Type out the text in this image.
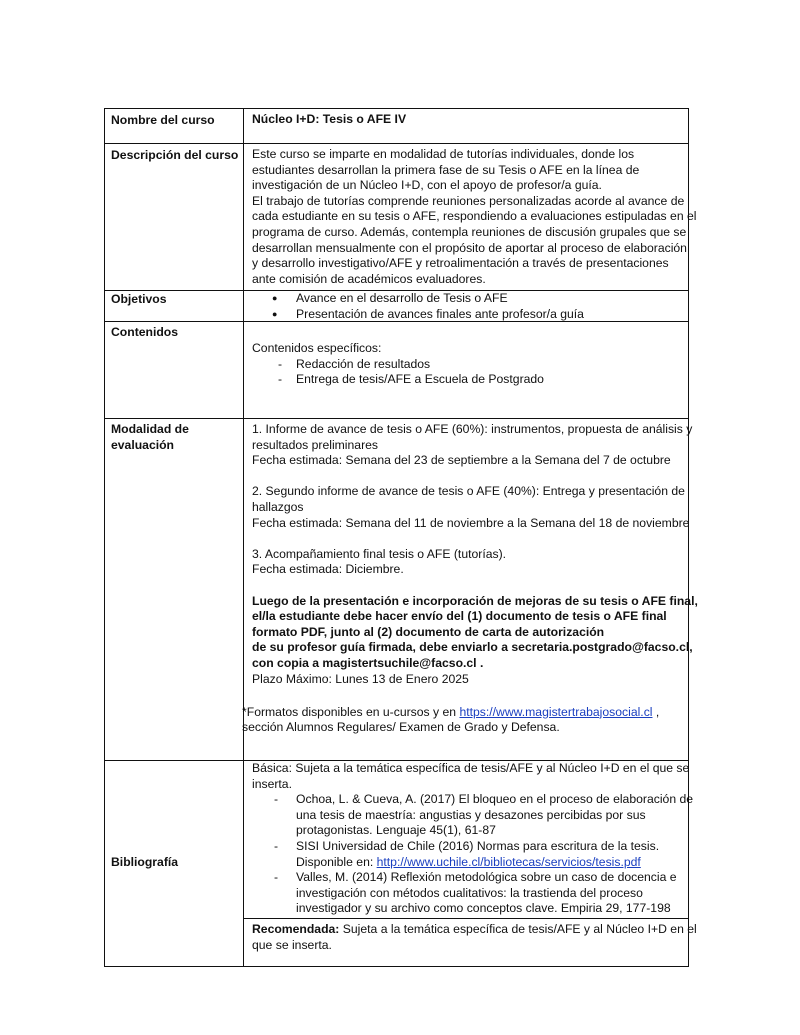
Nombre del curso	Núcleo I+D: Tesis o AFE IV
Descripción del curso Este curso se imparte en modalidad de tutorías individuales, donde los
estudiantes desarrollan la primera fase de su Tesis o AFE en la línea de
investigación de un Núcleo I+D, con el apoyo de profesor/a guía.
El trabajo de tutorías comprende reuniones personalizadas acorde al avance de
cada estudiante en su tesis o AFE, respondiendo a evaluaciones estipuladas en el
programa de curso. Además, contempla reuniones de discusión grupales que se
desarrollan mensualmente con el propósito de aportar al proceso de elaboración
y desarrollo investigativo/AFE y retroalimentación a través de presentaciones
ante comisión de académicos evaluadores.
Objetivos	● Avance en el desarrollo de Tesis o AFE
● Presentación de avances finales ante profesor/a guía
Contenidos
Contenidos específicos:
- Redacción de resultados
- Entrega de tesis/AFE a Escuela de Postgrado
Modalidad de
evaluación
1. Informe de avance de tesis o AFE (60%): instrumentos, propuesta de análisis y
resultados preliminares
Fecha estimada: Semana del 23 de septiembre a la Semana del 7 de octubre
2. Segundo informe de avance de tesis o AFE (40%): Entrega y presentación de
hallazgos
Fecha estimada: Semana del 11 de noviembre a la Semana del 18 de noviembre
3. Acompañamiento final tesis o AFE (tutorías).
Fecha estimada: Diciembre.
Luego de la presentación e incorporación de mejoras de su tesis o AFE final,
el/la estudiante debe hacer envío del (1) documento de tesis o AFE final
formato PDF, junto al (2) documento de carta de autorización
de su profesor guía firmada, debe enviarlo a secretaria.postgrado@facso.cl,
con copia a magistertsuchile@facso.cl .
Plazo Máximo: Lunes 13 de Enero 2025
*Formatos disponibles en u-cursos y en https://www.magistertrabajosocial.cl ,
sección Alumnos Regulares/ Examen de Grado y Defensa.
Bibliografía
Básica: Sujeta a la temática específica de tesis/AFE y al Núcleo I+D en el que se
inserta.
- Ochoa, L. & Cueva, A. (2017) El bloqueo en el proceso de elaboración de
una tesis de maestría: angustias y desazones percibidas por sus
protagonistas. Lenguaje 45(1), 61-87
- SISI Universidad de Chile (2016) Normas para escritura de la tesis.
Disponible en: http://www.uchile.cl/bibliotecas/servicios/tesis.pdf
- Valles, M. (2014) Reflexión metodológica sobre un caso de docencia e
investigación con métodos cualitativos: la trastienda del proceso
investigador y su archivo como conceptos clave. Empiria 29, 177-198
Recomendada: Sujeta a la temática específica de tesis/AFE y al Núcleo I+D en el
que se inserta.
